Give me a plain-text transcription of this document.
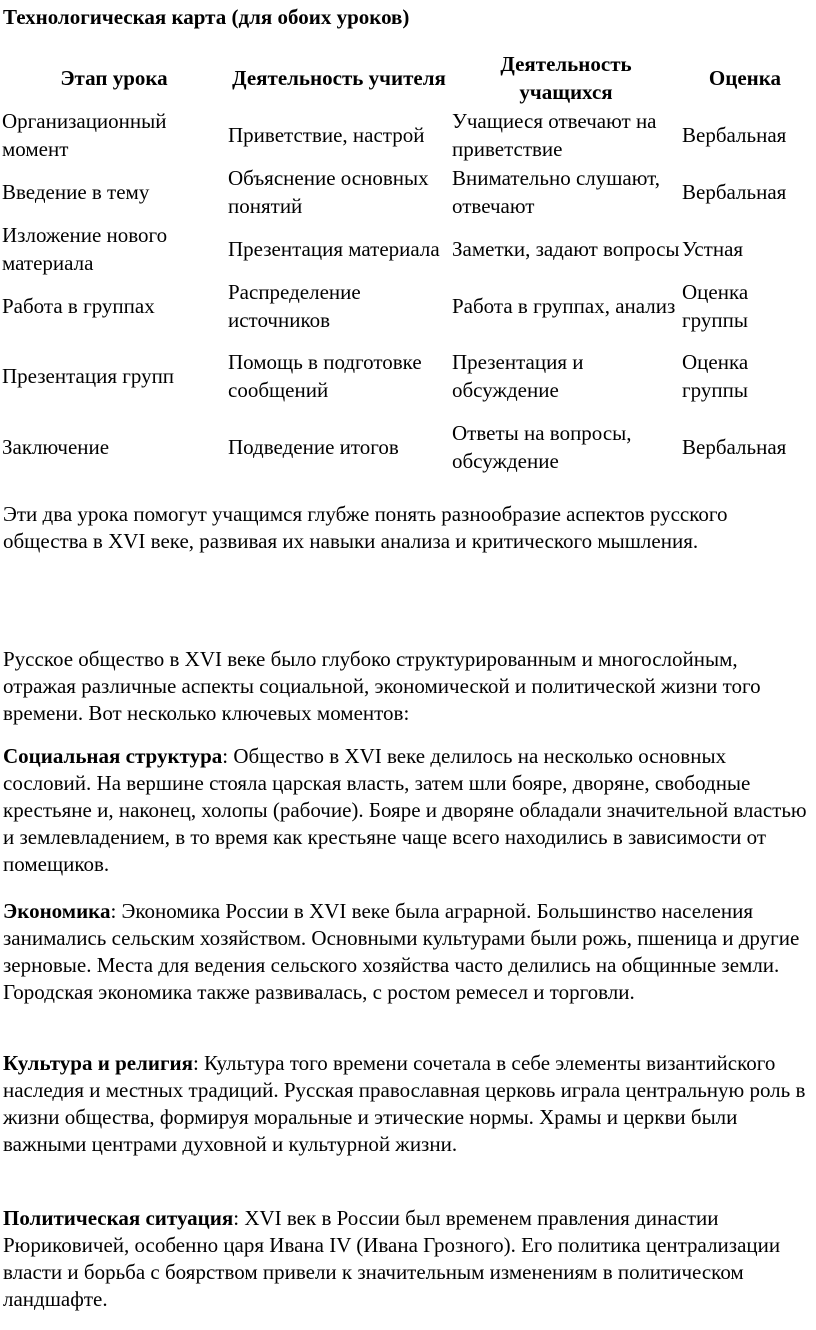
Технологическая карта (для обоих уроков)

Этап урока	Деятельность учителя	Деятельность учащихся	Оценка
Организационный момент	Приветствие, настрой	Учащиеся отвечают на приветствие	Вербальная
Введение в тему	Объяснение основных понятий	Внимательно слушают, отвечают	Вербальная
Изложение нового материала	Презентация материала	Заметки, задают вопросы	Устная
Работа в группах	Распределение источников	Работа в группах, анализ	Оценка группы
Презентация групп	Помощь в подготовке сообщений	Презентация и обсуждение	Оценка группы
Заключение	Подведение итогов	Ответы на вопросы, обсуждение	Вербальная

Эти два урока помогут учащимся глубже понять разнообразие аспектов русского общества в XVI веке, развивая их навыки анализа и критического мышления.

Русское общество в XVI веке было глубоко структурированным и многослойным, отражая различные аспекты социальной, экономической и политической жизни того времени. Вот несколько ключевых моментов:

Социальная структура: Общество в XVI веке делилось на несколько основных сословий. На вершине стояла царская власть, затем шли бояре, дворяне, свободные крестьяне и, наконец, холопы (рабочие). Бояре и дворяне обладали значительной властью и землевладением, в то время как крестьяне чаще всего находились в зависимости от помещиков.

Экономика: Экономика России в XVI веке была аграрной. Большинство населения занимались сельским хозяйством. Основными культурами были рожь, пшеница и другие зерновые. Места для ведения сельского хозяйства часто делились на общинные земли. Городская экономика также развивалась, с ростом ремесел и торговли.

Культура и религия: Культура того времени сочетала в себе элементы византийского наследия и местных традиций. Русская православная церковь играла центральную роль в жизни общества, формируя моральные и этические нормы. Храмы и церкви были важными центрами духовной и культурной жизни.

Политическая ситуация: XVI век в России был временем правления династии Рюриковичей, особенно царя Ивана IV (Ивана Грозного). Его политика централизации власти и борьба с боярством привели к значительным изменениям в политическом ландшафте.
